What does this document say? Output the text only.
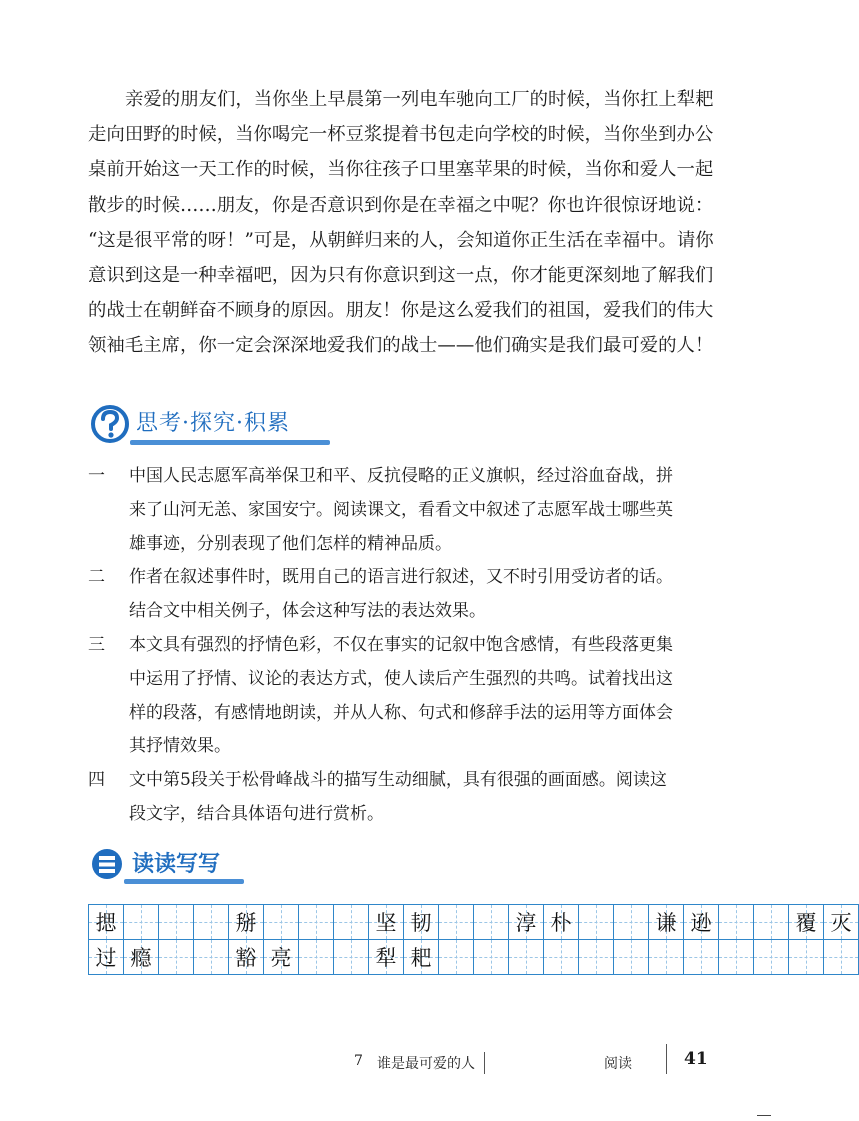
亲爱的朋友们，当你坐上早晨第一列电车驰向工厂的时候，当你扛上犁耙
走向田野的时候，当你喝完一杯豆浆提着书包走向学校的时候，当你坐到办公
桌前开始这一天工作的时候，当你往孩子口里塞苹果的时候，当你和爱人一起
散步的时候……朋友，你是否意识到你是在幸福之中呢？你也许很惊讶地说：
“这是很平常的呀！”可是，从朝鲜归来的人，会知道你正生活在幸福中。请你
意识到这是一种幸福吧，因为只有你意识到这一点，你才能更深刻地了解我们
的战士在朝鲜奋不顾身的原因。朋友！你是这么爱我们的祖国，爱我们的伟大
领袖毛主席，你一定会深深地爱我们的战士——他们确实是我们最可爱的人！
思考·探究·积累
一 中国人民志愿军高举保卫和平、反抗侵略的正义旗帜，经过浴血奋战，拼
来了山河无恙、家国安宁。阅读课文，看看文中叙述了志愿军战士哪些英
雄事迹，分别表现了他们怎样的精神品质。
二 作者在叙述事件时，既用自己的语言进行叙述，又不时引用受访者的话。
结合文中相关例子，体会这种写法的表达效果。
三 本文具有强烈的抒情色彩，不仅在事实的记叙中饱含感情，有些段落更集
中运用了抒情、议论的表达方式，使人读后产生强烈的共鸣。试着找出这
样的段落，有感情地朗读，并从人称、句式和修辞手法的运用等方面体会
其抒情效果。
四 文中第5段关于松骨峰战斗的描写生动细腻，具有很强的画面感。阅读这
段文字，结合具体语句进行赏析。
读读写写
揌	掰	坚 韧	淳 朴	谦 逊	覆 灭
过 瘾	豁 亮	犁 耙
7 谁是最可爱的人	阅读	41
